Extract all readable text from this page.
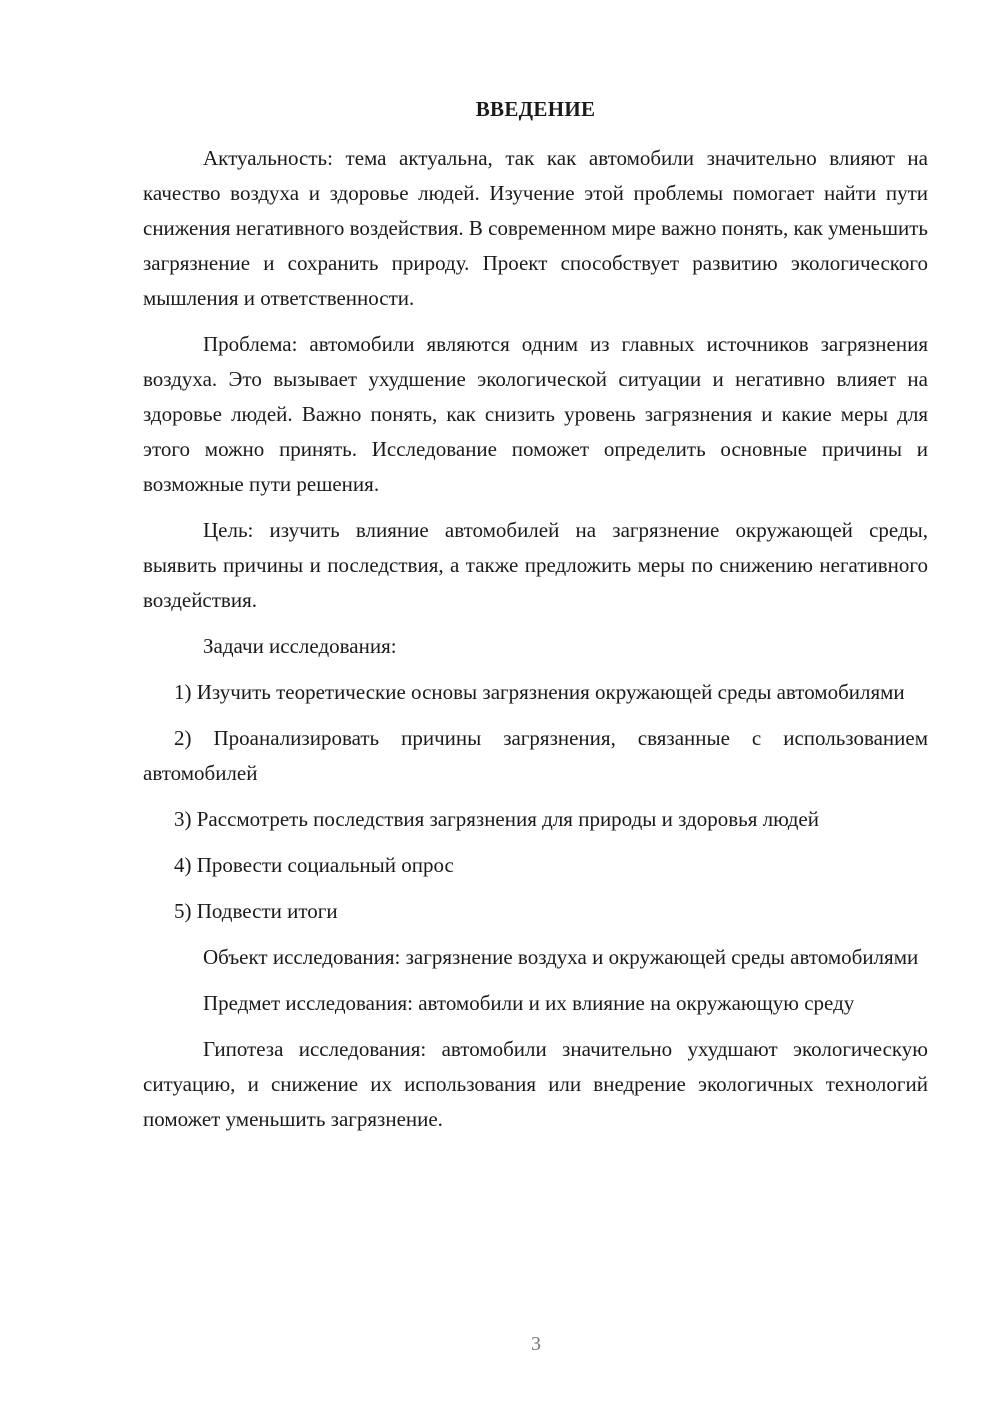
ВВЕДЕНИЕ

Актуальность: тема актуальна, так как автомобили значительно влияют на качество воздуха и здоровье людей. Изучение этой проблемы помогает найти пути снижения негативного воздействия. В современном мире важно понять, как уменьшить загрязнение и сохранить природу. Проект способствует развитию экологического мышления и ответственности.

Проблема: автомобили являются одним из главных источников загрязнения воздуха. Это вызывает ухудшение экологической ситуации и негативно влияет на здоровье людей. Важно понять, как снизить уровень загрязнения и какие меры для этого можно принять. Исследование поможет определить основные причины и возможные пути решения.

Цель: изучить влияние автомобилей на загрязнение окружающей среды, выявить причины и последствия, а также предложить меры по снижению негативного воздействия.

Задачи исследования:

1) Изучить теоретические основы загрязнения окружающей среды автомобилями

2) Проанализировать причины загрязнения, связанные с использованием автомобилей

3) Рассмотреть последствия загрязнения для природы и здоровья людей

4) Провести социальный опрос

5) Подвести итоги

Объект исследования: загрязнение воздуха и окружающей среды автомобилями

Предмет исследования: автомобили и их влияние на окружающую среду

Гипотеза исследования: автомобили значительно ухудшают экологическую ситуацию, и снижение их использования или внедрение экологичных технологий поможет уменьшить загрязнение.

3
